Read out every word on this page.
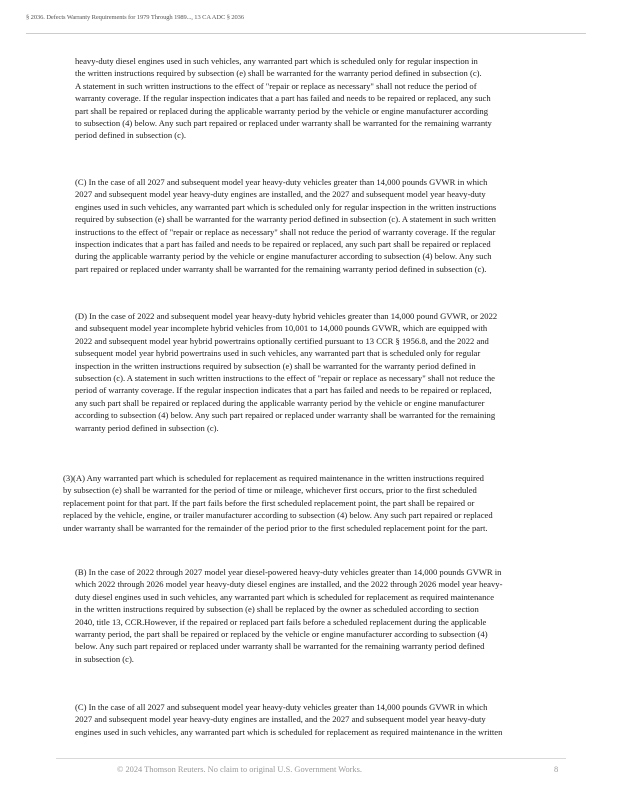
§ 2036. Defects Warranty Requirements for 1979 Through 1989..., 13 CA ADC § 2036
heavy-duty diesel engines used in such vehicles, any warranted part which is scheduled only for regular inspection in
the written instructions required by subsection (e) shall be warranted for the warranty period defined in subsection (c).
A statement in such written instructions to the effect of "repair or replace as necessary" shall not reduce the period of
warranty coverage. If the regular inspection indicates that a part has failed and needs to be repaired or replaced, any such
part shall be repaired or replaced during the applicable warranty period by the vehicle or engine manufacturer according
to subsection (4) below. Any such part repaired or replaced under warranty shall be warranted for the remaining warranty
period defined in subsection (c).
(C) In the case of all 2027 and subsequent model year heavy-duty vehicles greater than 14,000 pounds GVWR in which
2027 and subsequent model year heavy-duty engines are installed, and the 2027 and subsequent model year heavy-duty
engines used in such vehicles, any warranted part which is scheduled only for regular inspection in the written instructions
required by subsection (e) shall be warranted for the warranty period defined in subsection (c). A statement in such written
instructions to the effect of "repair or replace as necessary" shall not reduce the period of warranty coverage. If the regular
inspection indicates that a part has failed and needs to be repaired or replaced, any such part shall be repaired or replaced
during the applicable warranty period by the vehicle or engine manufacturer according to subsection (4) below. Any such
part repaired or replaced under warranty shall be warranted for the remaining warranty period defined in subsection (c).
(D) In the case of 2022 and subsequent model year heavy-duty hybrid vehicles greater than 14,000 pound GVWR, or 2022
and subsequent model year incomplete hybrid vehicles from 10,001 to 14,000 pounds GVWR, which are equipped with
2022 and subsequent model year hybrid powertrains optionally certified pursuant to 13 CCR § 1956.8, and the 2022 and
subsequent model year hybrid powertrains used in such vehicles, any warranted part that is scheduled only for regular
inspection in the written instructions required by subsection (e) shall be warranted for the warranty period defined in
subsection (c). A statement in such written instructions to the effect of "repair or replace as necessary" shall not reduce the
period of warranty coverage. If the regular inspection indicates that a part has failed and needs to be repaired or replaced,
any such part shall be repaired or replaced during the applicable warranty period by the vehicle or engine manufacturer
according to subsection (4) below. Any such part repaired or replaced under warranty shall be warranted for the remaining
warranty period defined in subsection (c).
(3)(A) Any warranted part which is scheduled for replacement as required maintenance in the written instructions required
by subsection (e) shall be warranted for the period of time or mileage, whichever first occurs, prior to the first scheduled
replacement point for that part. If the part fails before the first scheduled replacement point, the part shall be repaired or
replaced by the vehicle, engine, or trailer manufacturer according to subsection (4) below. Any such part repaired or replaced
under warranty shall be warranted for the remainder of the period prior to the first scheduled replacement point for the part.
(B) In the case of 2022 through 2027 model year diesel-powered heavy-duty vehicles greater than 14,000 pounds GVWR in
which 2022 through 2026 model year heavy-duty diesel engines are installed, and the 2022 through 2026 model year heavy-
duty diesel engines used in such vehicles, any warranted part which is scheduled for replacement as required maintenance
in the written instructions required by subsection (e) shall be replaced by the owner as scheduled according to section
2040, title 13, CCR.However, if the repaired or replaced part fails before a scheduled replacement during the applicable
warranty period, the part shall be repaired or replaced by the vehicle or engine manufacturer according to subsection (4)
below. Any such part repaired or replaced under warranty shall be warranted for the remaining warranty period defined
in subsection (c).
(C) In the case of all 2027 and subsequent model year heavy-duty vehicles greater than 14,000 pounds GVWR in which
2027 and subsequent model year heavy-duty engines are installed, and the 2027 and subsequent model year heavy-duty
engines used in such vehicles, any warranted part which is scheduled for replacement as required maintenance in the written
© 2024 Thomson Reuters. No claim to original U.S. Government Works.	8
